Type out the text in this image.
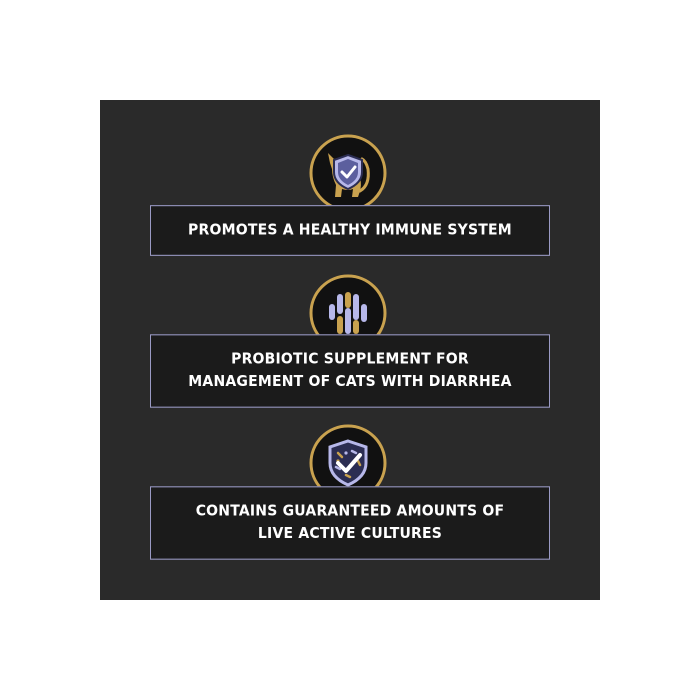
PROMOTES A HEALTHY IMMUNE SYSTEM
PROBIOTIC SUPPLEMENT FOR
MANAGEMENT OF CATS WITH DIARRHEA
CONTAINS GUARANTEED AMOUNTS OF
LIVE ACTIVE CULTURES
